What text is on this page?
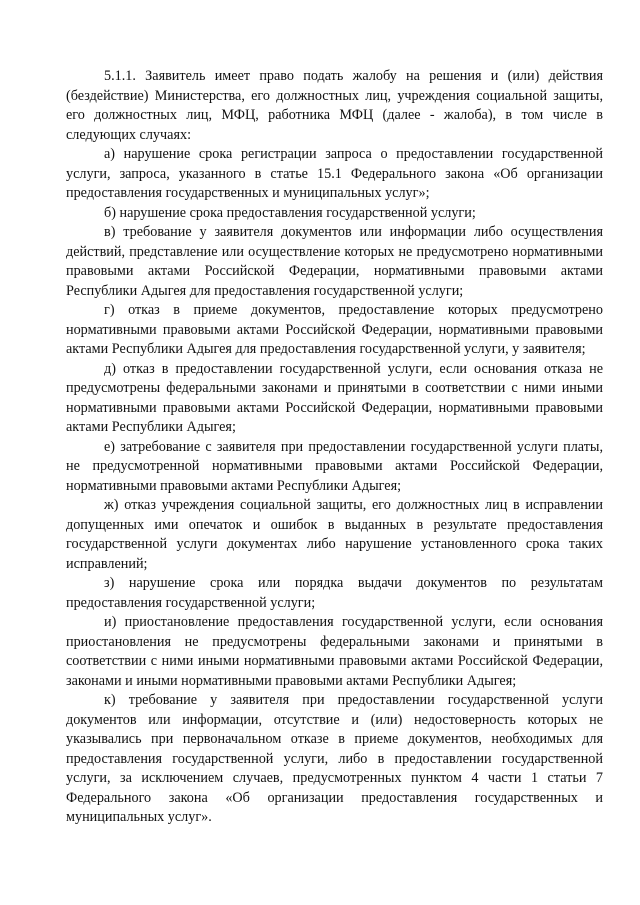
5.1.1. Заявитель имеет право подать жалобу на решения и (или) действия (бездействие) Министерства, его должностных лиц, учреждения социальной защиты, его должностных лиц, МФЦ, работника МФЦ (далее - жалоба), в том числе в следующих случаях:

а) нарушение срока регистрации запроса о предоставлении государственной услуги, запроса, указанного в статье 15.1 Федерального закона «Об организации предоставления государственных и муниципальных услуг»;

б) нарушение срока предоставления государственной услуги;

в) требование у заявителя документов или информации либо осуществления действий, представление или осуществление которых не предусмотрено нормативными правовыми актами Российской Федерации, нормативными правовыми актами Республики Адыгея для предоставления государственной услуги;

г) отказ в приеме документов, предоставление которых предусмотрено нормативными правовыми актами Российской Федерации, нормативными правовыми актами Республики Адыгея для предоставления государственной услуги, у заявителя;

д) отказ в предоставлении государственной услуги, если основания отказа не предусмотрены федеральными законами и принятыми в соответствии с ними иными нормативными правовыми актами Российской Федерации, нормативными правовыми актами Республики Адыгея;

е) затребование с заявителя при предоставлении государственной услуги платы, не предусмотренной нормативными правовыми актами Российской Федерации, нормативными правовыми актами Республики Адыгея;

ж) отказ учреждения социальной защиты, его должностных лиц в исправлении допущенных ими опечаток и ошибок в выданных в результате предоставления государственной услуги документах либо нарушение установленного срока таких исправлений;

з) нарушение срока или порядка выдачи документов по результатам предоставления государственной услуги;

и) приостановление предоставления государственной услуги, если основания приостановления не предусмотрены федеральными законами и принятыми в соответствии с ними иными нормативными правовыми актами Российской Федерации, законами и иными нормативными правовыми актами Республики Адыгея;

к) требование у заявителя при предоставлении государственной услуги документов или информации, отсутствие и (или) недостоверность которых не указывались при первоначальном отказе в приеме документов, необходимых для предоставления государственной услуги, либо в предоставлении государственной услуги, за исключением случаев, предусмотренных пунктом 4 части 1 статьи 7 Федерального закона «Об организации предоставления государственных и муниципальных услуг».
